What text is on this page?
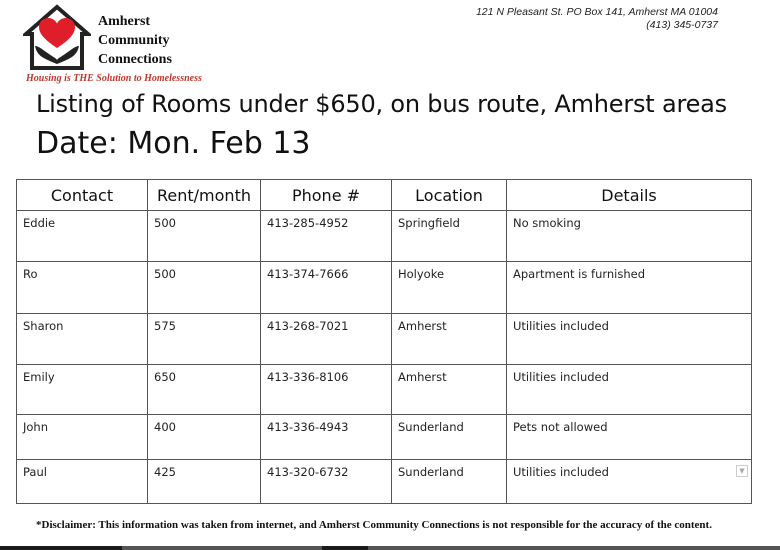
Amherst
Community
Connections
Housing is THE Solution to Homelessness
121 N Pleasant St. PO Box 141, Amherst MA 01004
(413) 345-0737
Listing of Rooms under $650, on bus route, Amherst areas
Date: Mon. Feb 13
Contact	Rent/month	Phone #	Location	Details
Eddie	500	413-285-4952	Springfield	No smoking
Ro	500	413-374-7666	Holyoke	Apartment is furnished
Sharon	575	413-268-7021	Amherst	Utilities included
Emily	650	413-336-8106	Amherst	Utilities included
John	400	413-336-4943	Sunderland	Pets not allowed
Paul	425	413-320-6732	Sunderland	Utilities included ▼
*Disclaimer: This information was taken from internet, and Amherst Community Connections is not responsible for the accuracy of the content.
